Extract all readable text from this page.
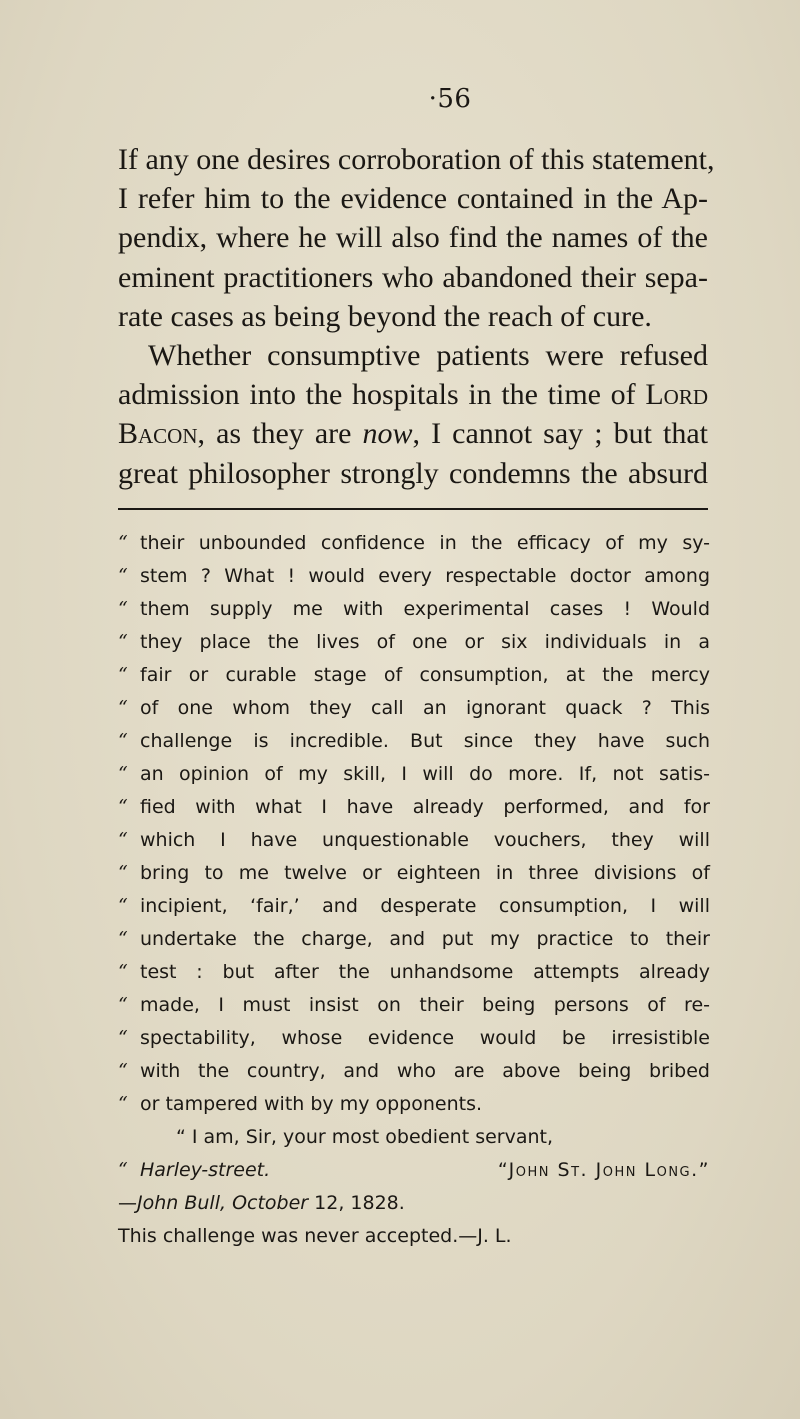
·56
If any one desires corroboration of this statement,
I refer him to the evidence contained in the Ap-
pendix, where he will also find the names of the
eminent practitioners who abandoned their sepa-
rate cases as being beyond the reach of cure.
Whether consumptive patients were refused
admission into the hospitals in the time of Lord
Bacon, as they are now, I cannot say ; but that
great philosopher strongly condemns the absurd
“ their unbounded confidence in the efficacy of my sy-
“ stem ? What ! would every respectable doctor among
“ them supply me with experimental cases ! Would
“ they place the lives of one or six individuals in a
“ fair or curable stage of consumption, at the mercy
“ of one whom they call an ignorant quack ? This
“ challenge is incredible. But since they have such
“ an opinion of my skill, I will do more. If, not satis-
“ fied with what I have already performed, and for
“ which I have unquestionable vouchers, they will
“ bring to me twelve or eighteen in three divisions of
“ incipient, ‘fair,’ and desperate consumption, I will
“ undertake the charge, and put my practice to their
“ test : but after the unhandsome attempts already
“ made, I must insist on their being persons of re-
“ spectability, whose evidence would be irresistible
“ with the country, and who are above being bribed
“ or tampered with by my opponents.
“ I am, Sir, your most obedient servant,
“ Harley-street.	“John St. John Long.”
—John Bull, October 12, 1828.
This challenge was never accepted.—J. L.
